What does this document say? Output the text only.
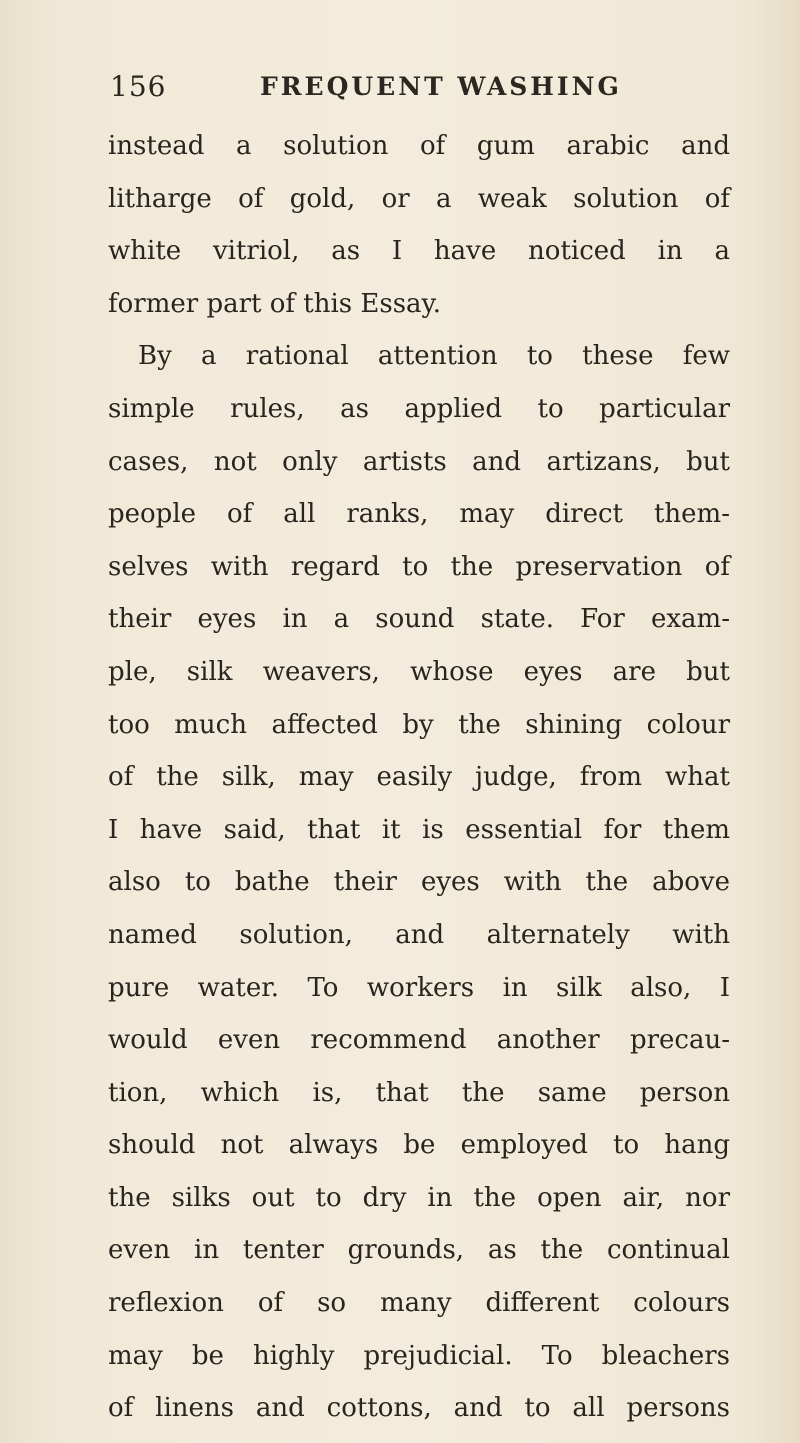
156	FREQUENT WASHING
instead a solution of gum arabic and
litharge of gold, or a weak solution of
white vitriol, as I have noticed in a
former part of this Essay.
By a rational attention to these few
simple rules, as applied to particular
cases, not only artists and artizans, but
people of all ranks, may direct them-
selves with regard to the preservation of
their eyes in a sound state. For exam-
ple, silk weavers, whose eyes are but
too much affected by the shining colour
of the silk, may easily judge, from what
I have said, that it is essential for them
also to bathe their eyes with the above
named solution, and alternately with
pure water. To workers in silk also, I
would even recommend another precau-
tion, which is, that the same person
should not always be employed to hang
the silks out to dry in the open air, nor
even in tenter grounds, as the continual
reflexion of so many different colours
may be highly prejudicial. To bleachers
of linens and cottons, and to all persons
